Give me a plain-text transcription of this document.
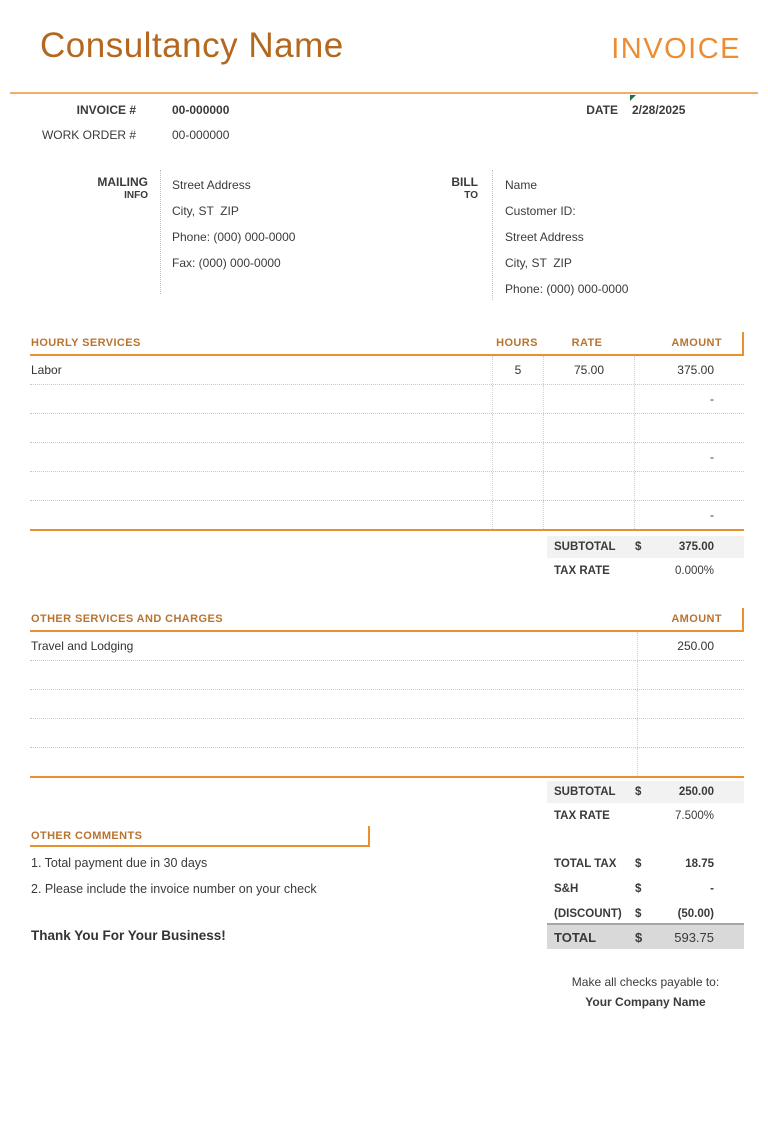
Consultancy Name	INVOICE
INVOICE #	00-000000	DATE 2/28/2025
WORK ORDER #	00-000000
MAILING
INFO
Street Address
City, ST  ZIP
Phone: (000) 000-0000
Fax: (000) 000-0000
BILL
TO
Name
Customer ID:
Street Address
City, ST  ZIP
Phone: (000) 000-0000
HOURLY SERVICES	HOURS	RATE	AMOUNT
Labor	5	75.00	375.00
-
-
-
SUBTOTAL	$	375.00
TAX RATE	0.000%
OTHER SERVICES AND CHARGES	AMOUNT
Travel and Lodging	250.00
SUBTOTAL	$	250.00
TAX RATE	7.500%
OTHER COMMENTS
1. Total payment due in 30 days
2. Please include the invoice number on your check
TOTAL TAX	$	18.75
S&H	$	-
(DISCOUNT)	$	(50.00)
TOTAL	$	593.75
Thank You For Your Business!
Make all checks payable to:
Your Company Name
